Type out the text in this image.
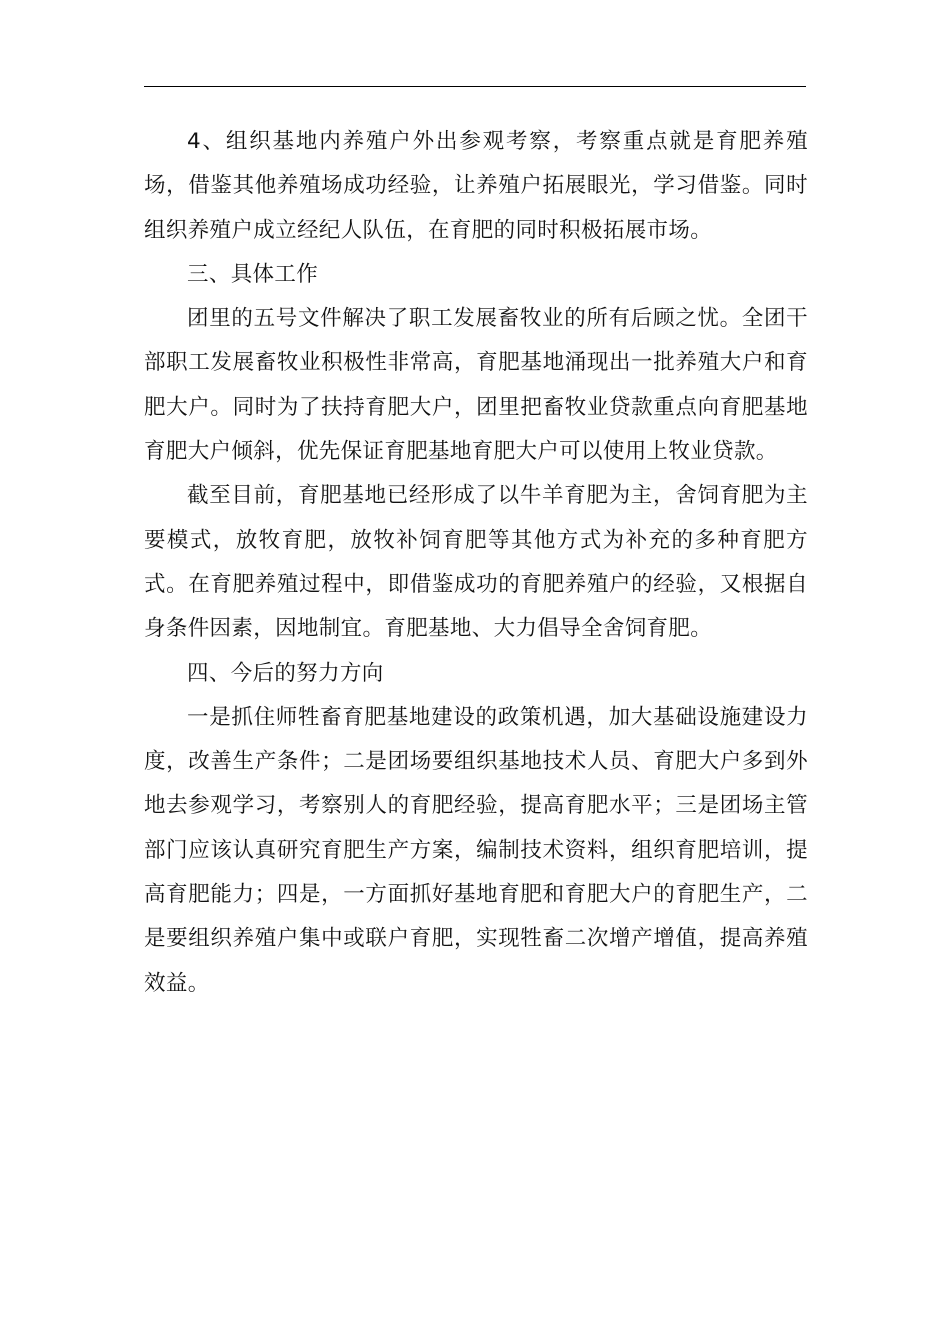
4、组织基地内养殖户外出参观考察，考察重点就是育肥养殖场，借鉴其他养殖场成功经验，让养殖户拓展眼光，学习借鉴。同时组织养殖户成立经纪人队伍，在育肥的同时积极拓展市场。

三、具体工作

团里的五号文件解决了职工发展畜牧业的所有后顾之忧。全团干部职工发展畜牧业积极性非常高，育肥基地涌现出一批养殖大户和育肥大户。同时为了扶持育肥大户，团里把畜牧业贷款重点向育肥基地育肥大户倾斜，优先保证育肥基地育肥大户可以使用上牧业贷款。

截至目前，育肥基地已经形成了以牛羊育肥为主，舍饲育肥为主要模式，放牧育肥，放牧补饲育肥等其他方式为补充的多种育肥方式。在育肥养殖过程中，即借鉴成功的育肥养殖户的经验，又根据自身条件因素，因地制宜。育肥基地、大力倡导全舍饲育肥。

四、今后的努力方向

一是抓住师牲畜育肥基地建设的政策机遇，加大基础设施建设力度，改善生产条件；二是团场要组织基地技术人员、育肥大户多到外地去参观学习，考察别人的育肥经验，提高育肥水平；三是团场主管部门应该认真研究育肥生产方案，编制技术资料，组织育肥培训，提高育肥能力；四是，一方面抓好基地育肥和育肥大户的育肥生产，二是要组织养殖户集中或联户育肥，实现牲畜二次增产增值，提高养殖效益。
